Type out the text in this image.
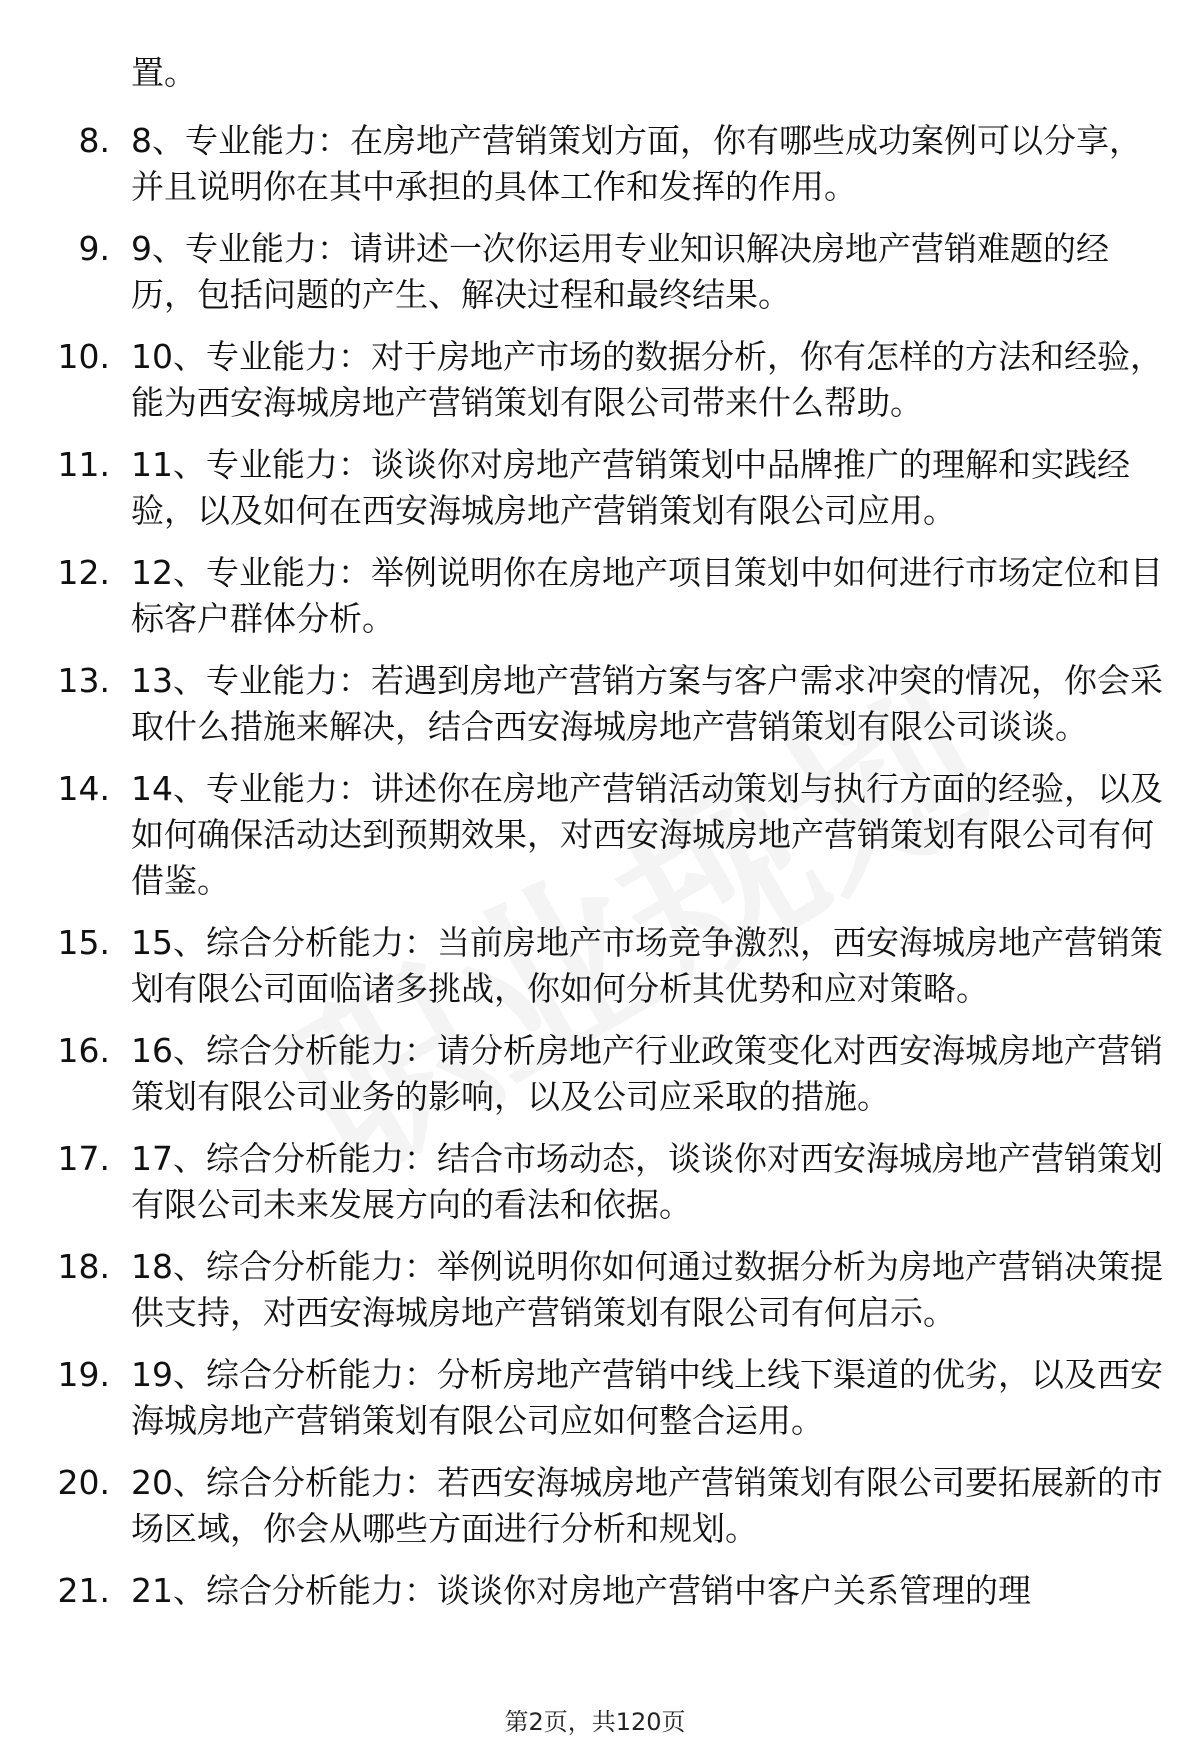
置。
8. 8、专业能力：在房地产营销策划方面，你有哪些成功案例可以分享，并且说明你在其中承担的具体工作和发挥的作用。
9. 9、专业能力：请讲述一次你运用专业知识解决房地产营销难题的经历，包括问题的产生、解决过程和最终结果。
10. 10、专业能力：对于房地产市场的数据分析，你有怎样的方法和经验，能为西安海城房地产营销策划有限公司带来什么帮助。
11. 11、专业能力：谈谈你对房地产营销策划中品牌推广的理解和实践经验，以及如何在西安海城房地产营销策划有限公司应用。
12. 12、专业能力：举例说明你在房地产项目策划中如何进行市场定位和目标客户群体分析。
13. 13、专业能力：若遇到房地产营销方案与客户需求冲突的情况，你会采取什么措施来解决，结合西安海城房地产营销策划有限公司谈谈。
14. 14、专业能力：讲述你在房地产营销活动策划与执行方面的经验，以及如何确保活动达到预期效果，对西安海城房地产营销策划有限公司有何借鉴。
15. 15、综合分析能力：当前房地产市场竞争激烈，西安海城房地产营销策划有限公司面临诸多挑战，你如何分析其优势和应对策略。
16. 16、综合分析能力：请分析房地产行业政策变化对西安海城房地产营销策划有限公司业务的影响，以及公司应采取的措施。
17. 17、综合分析能力：结合市场动态，谈谈你对西安海城房地产营销策划有限公司未来发展方向的看法和依据。
18. 18、综合分析能力：举例说明你如何通过数据分析为房地产营销决策提供支持，对西安海城房地产营销策划有限公司有何启示。
19. 19、综合分析能力：分析房地产营销中线上线下渠道的优劣，以及西安海城房地产营销策划有限公司应如何整合运用。
20. 20、综合分析能力：若西安海城房地产营销策划有限公司要拓展新的市场区域，你会从哪些方面进行分析和规划。
21. 21、综合分析能力：谈谈你对房地产营销中客户关系管理的理
第2页，共120页
